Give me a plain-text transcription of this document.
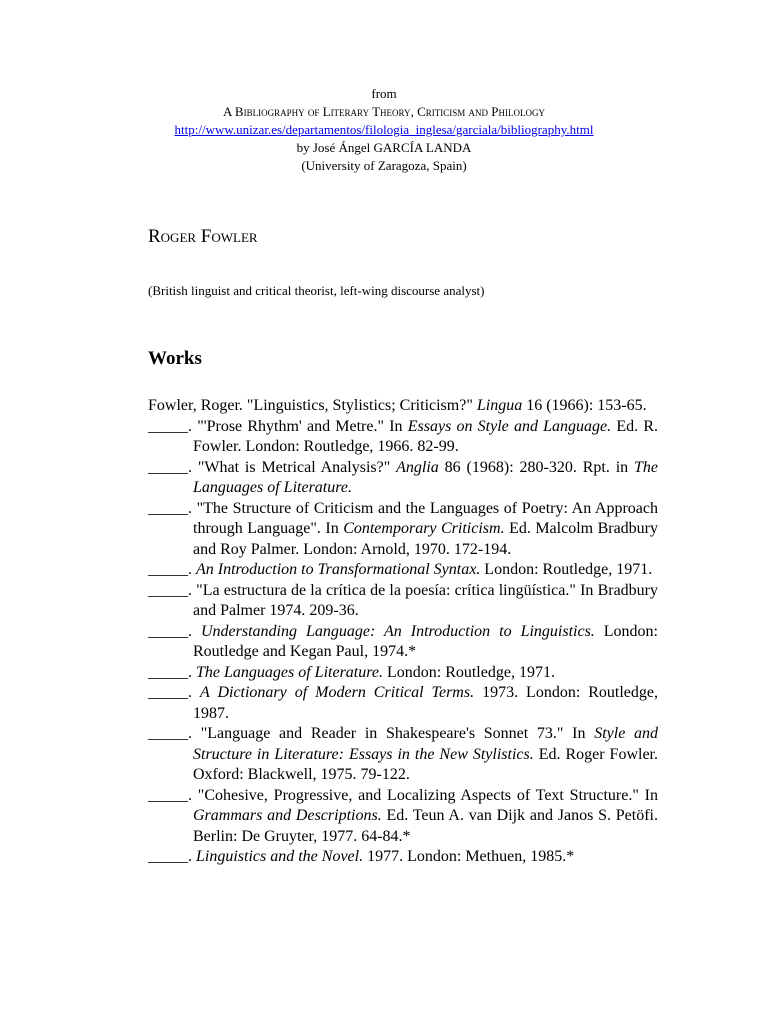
from
A Bibliography of Literary Theory, Criticism and Philology
http://www.unizar.es/departamentos/filologia_inglesa/garciala/bibliography.html
by José Ángel GARCÍA LANDA
(University of Zaragoza, Spain)
Roger Fowler
(British linguist and critical theorist, left-wing discourse analyst)
Works

Fowler, Roger. "Linguistics, Stylistics; Criticism?" Lingua 16 (1966): 153-65.

_____. "'Prose Rhythm' and Metre." In Essays on Style and Language. Ed. R. Fowler. London: Routledge, 1966. 82-99.

_____. "What is Metrical Analysis?" Anglia 86 (1968): 280-320. Rpt. in The Languages of Literature.

_____. "The Structure of Criticism and the Languages of Poetry: An Approach through Language". In Contemporary Criticism. Ed. Malcolm Bradbury and Roy Palmer. London: Arnold, 1970. 172-194.

_____. An Introduction to Transformational Syntax. London: Routledge, 1971.

_____. "La estructura de la crítica de la poesía: crítica lingüística." In Bradbury and Palmer 1974. 209-36.

_____. Understanding Language: An Introduction to Linguistics. London: Routledge and Kegan Paul, 1974.*

_____. The Languages of Literature. London: Routledge, 1971.

_____. A Dictionary of Modern Critical Terms. 1973. London: Routledge, 1987.

_____. "Language and Reader in Shakespeare's Sonnet 73." In Style and Structure in Literature: Essays in the New Stylistics. Ed. Roger Fowler. Oxford: Blackwell, 1975. 79-122.

_____. "Cohesive, Progressive, and Localizing Aspects of Text Structure." In Grammars and Descriptions. Ed. Teun A. van Dijk and Janos S. Petöfi. Berlin: De Gruyter, 1977. 64-84.*

_____. Linguistics and the Novel. 1977. London: Methuen, 1985.*
